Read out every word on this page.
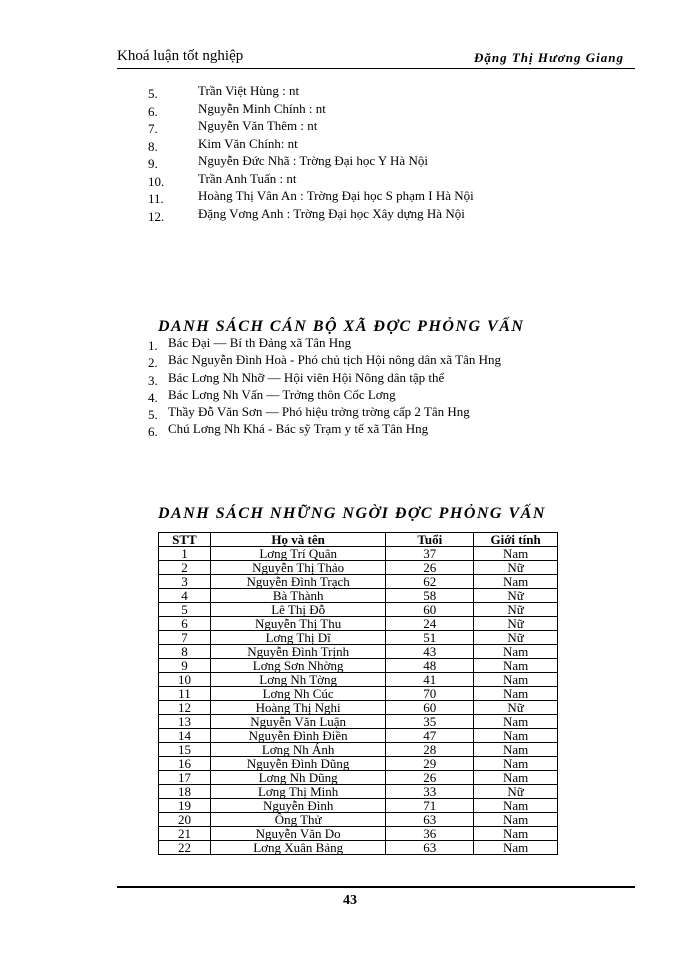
Khoá luận tốt nghiệp	Đặng Thị Hương Giang
5.	Trần Việt Hùng : nt
6.	Nguyễn Minh Chính : nt
7.	Nguyễn Văn Thêm : nt
8.	Kim Văn Chính: nt
9.	Nguyễn Đức Nhã : Trờng Đại học Y Hà Nội
10.	Trần Anh Tuấn : nt
11.	Hoàng Thị Vân An : Trờng Đại học S phạm I Hà Nội
12.	Đặng Vơng Anh : Trờng Đại học Xây dựng Hà Nội
DANH SÁCH CÁN BỘ XÃ ĐỢC PHỎNG VẤN
1. Bác Đại — Bí th Đảng xã Tân Hng
2. Bác Nguyễn Đình Hoà - Phó chủ tịch Hội nông dân xã Tân Hng
3. Bác Lơng Nh Nhỡ — Hội viên Hội Nông dân tập thể
4. Bác Lơng Nh Vấn — Trởng thôn Cốc Lơng
5. Thầy Đỗ Văn Sơn — Phó hiệu trởng trờng cấp 2 Tân Hng
6. Chú Lơng Nh Khá - Bác sỹ Trạm y tế xã Tân Hng
DANH SÁCH NHỮNG NGỜI ĐỢC PHỎNG VẤN
STT	Họ và tên	Tuổi	Giới tính
1	Lơng Trí Quân	37	Nam
2	Nguyễn Thị Thảo	26	Nữ
3	Nguyễn Đình Trạch	62	Nam
4	Bà Thành	58	Nữ
5	Lê Thị Đỗ	60	Nữ
6	Nguyễn Thị Thu	24	Nữ
7	Lơng Thị Dĩ	51	Nữ
8	Nguyễn Đình Trịnh	43	Nam
9	Lơng Sơn Nhờng	48	Nam
10	Lơng Nh Tờng	41	Nam
11	Lơng Nh Cúc	70	Nam
12	Hoàng Thị Nghi	60	Nữ
13	Nguyễn Văn Luận	35	Nam
14	Nguyễn Đình Điền	47	Nam
15	Lơng Nh Ánh	28	Nam
16	Nguyễn Đình Dũng	29	Nam
17	Lơng Nh Dũng	26	Nam
18	Lơng Thị Minh	33	Nữ
19	Nguyễn Đình	71	Nam
20	Ông Thử	63	Nam
21	Nguyễn Văn Do	36	Nam
22	Lơng Xuân Bảng	63	Nam
43
